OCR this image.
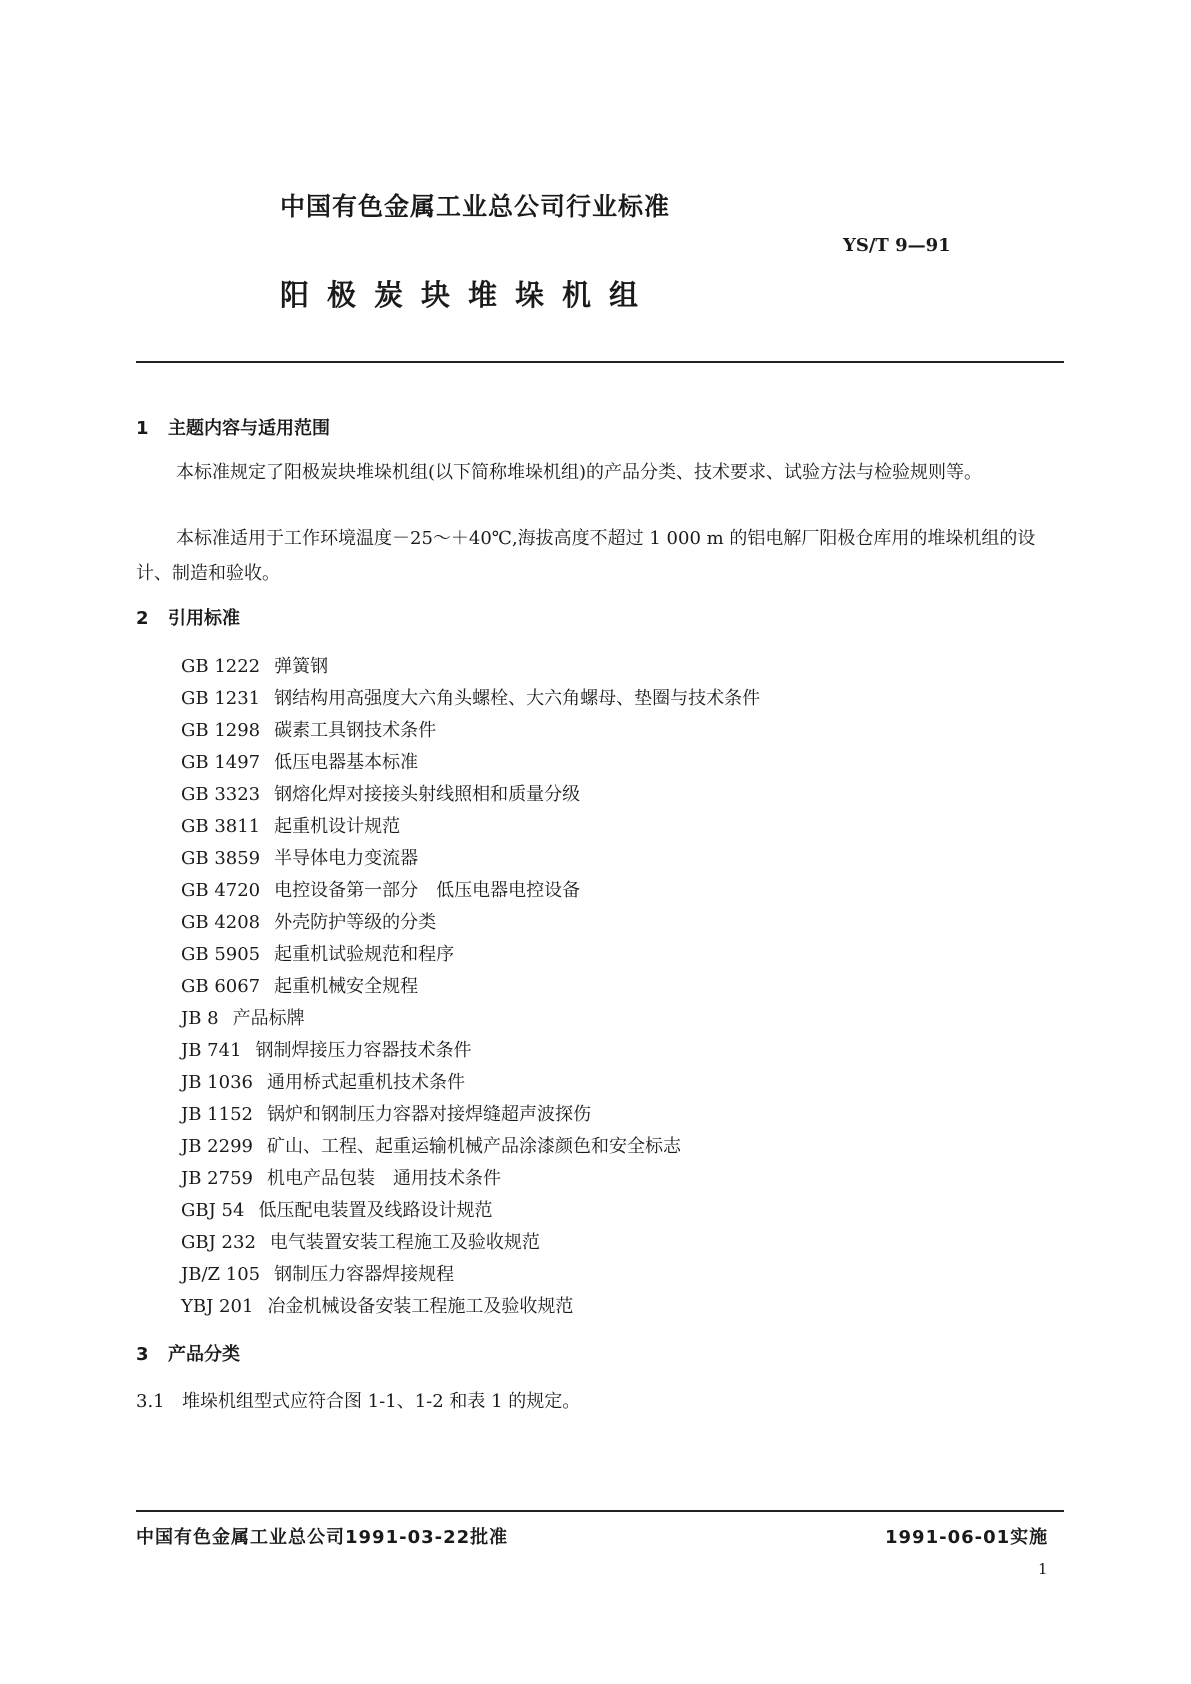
中国有色金属工业总公司行业标准
YS/T 9—91
阳极炭块堆垛机组
1 主题内容与适用范围
本标准规定了阳极炭块堆垛机组(以下简称堆垛机组)的产品分类、技术要求、试验方法与检验规则等。
本标准适用于工作环境温度－25～＋40℃,海拔高度不超过 1 000 m 的铝电解厂阳极仓库用的堆垛机组的设计、制造和验收。
2 引用标准
GB 1222 弹簧钢
GB 1231 钢结构用高强度大六角头螺栓、大六角螺母、垫圈与技术条件
GB 1298 碳素工具钢技术条件
GB 1497 低压电器基本标准
GB 3323 钢熔化焊对接接头射线照相和质量分级
GB 3811 起重机设计规范
GB 3859 半导体电力变流器
GB 4720 电控设备第一部分　低压电器电控设备
GB 4208 外壳防护等级的分类
GB 5905 起重机试验规范和程序
GB 6067 起重机械安全规程
JB 8 产品标牌
JB 741 钢制焊接压力容器技术条件
JB 1036 通用桥式起重机技术条件
JB 1152 锅炉和钢制压力容器对接焊缝超声波探伤
JB 2299 矿山、工程、起重运输机械产品涂漆颜色和安全标志
JB 2759 机电产品包装　通用技术条件
GBJ 54 低压配电装置及线路设计规范
GBJ 232 电气装置安装工程施工及验收规范
JB/Z 105 钢制压力容器焊接规程
YBJ 201 冶金机械设备安装工程施工及验收规范
3 产品分类
3.1 堆垛机组型式应符合图 1-1、1-2 和表 1 的规定。
中国有色金属工业总公司1991-03-22批准	1991-06-01实施
1
